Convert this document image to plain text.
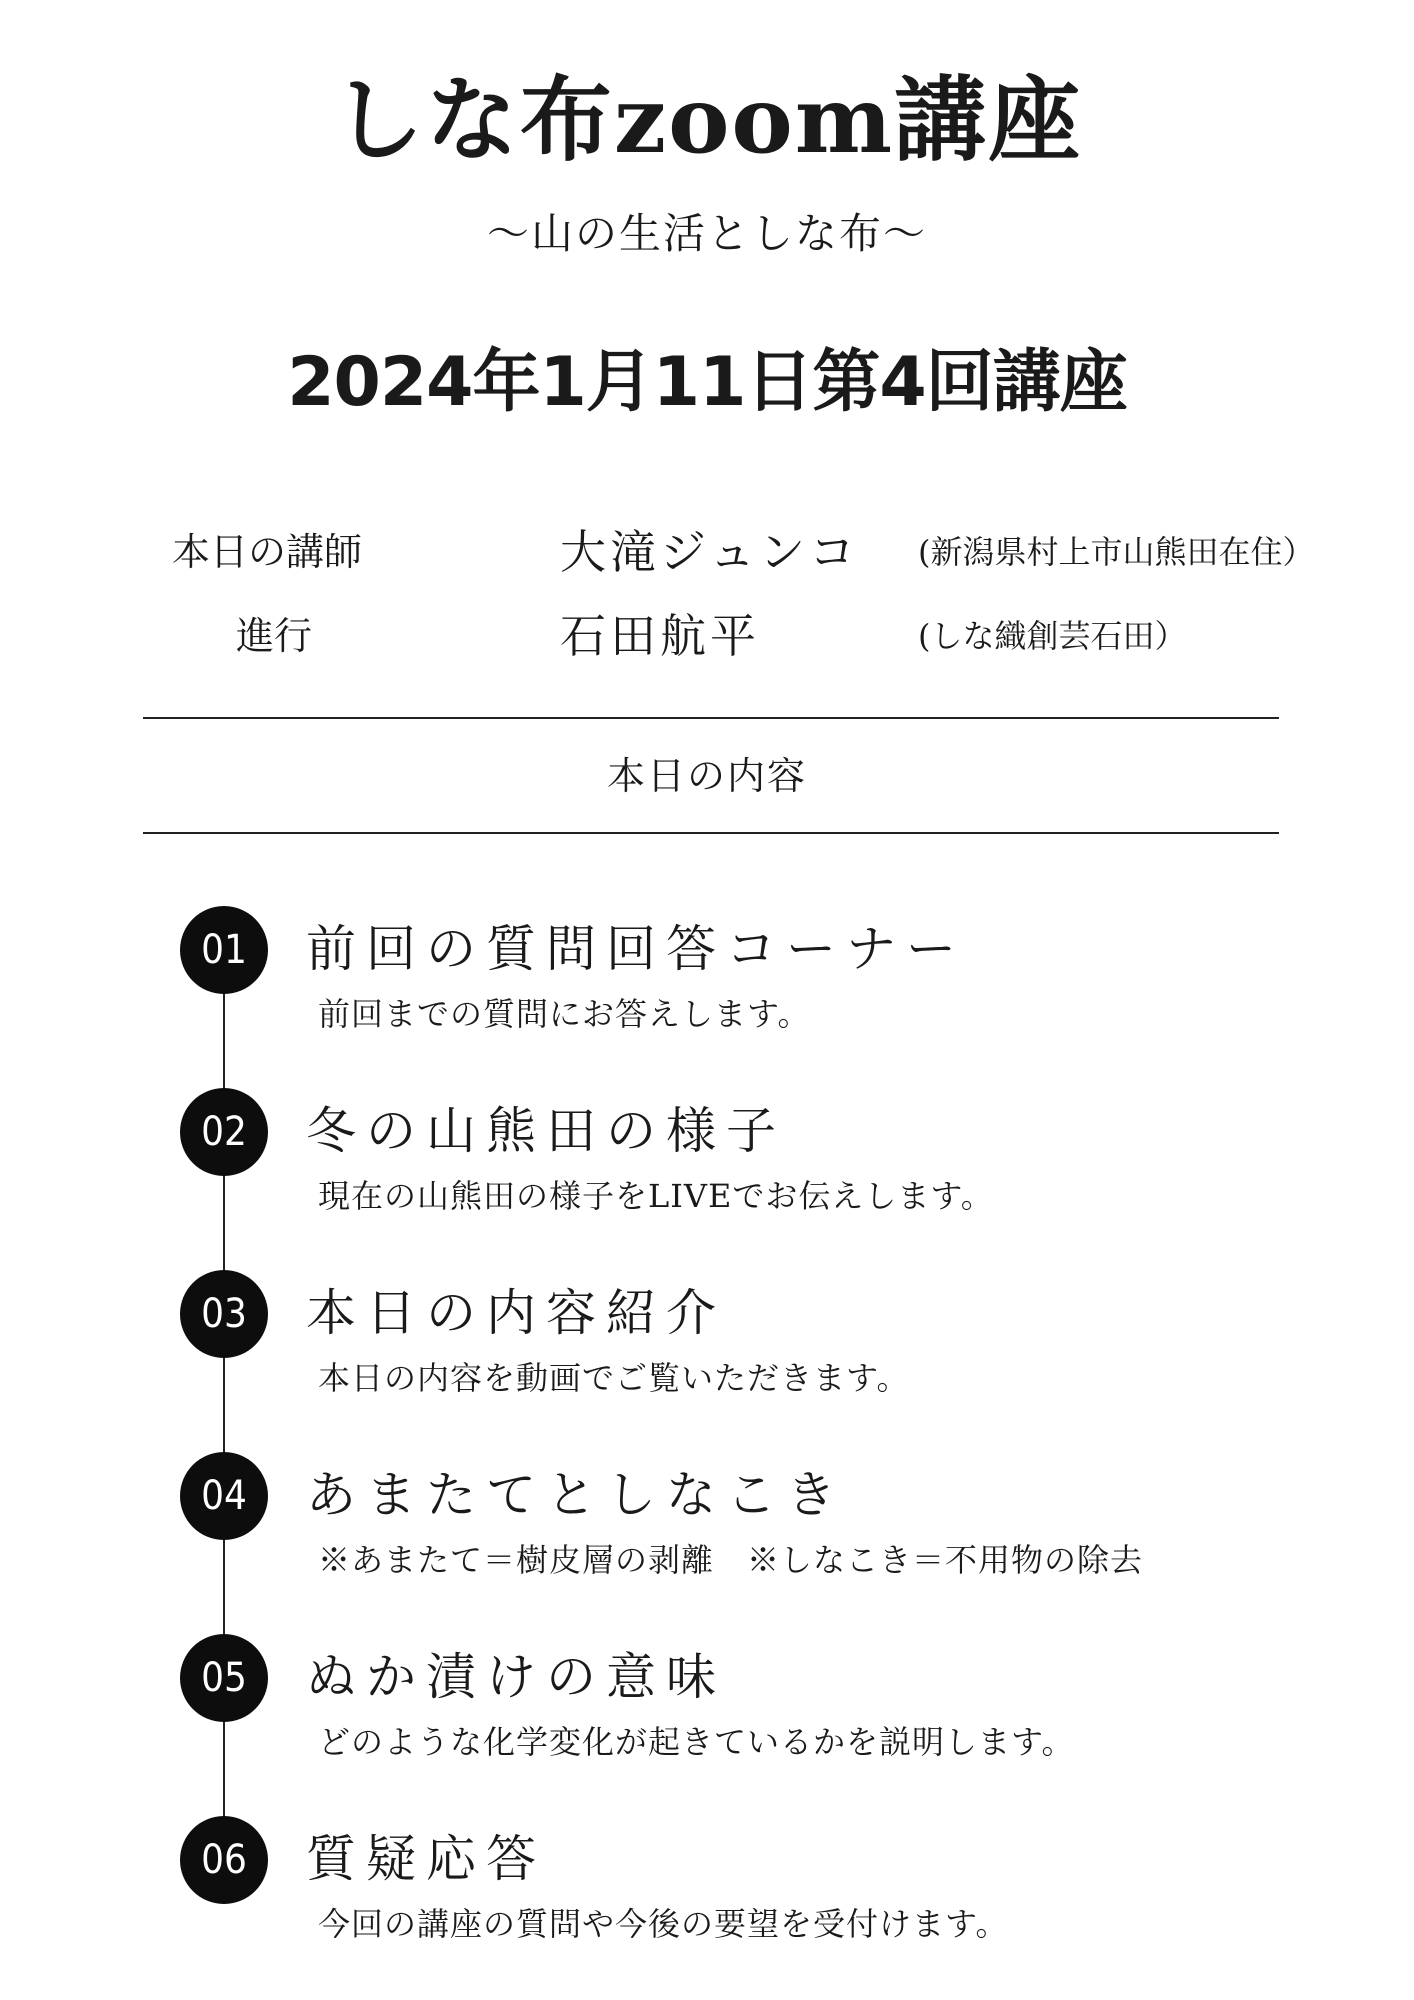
しな布zoom講座
〜山の生活としな布〜
2024年1月11日第4回講座
本日の講師	大滝ジュンコ (新潟県村上市山熊田在住）
進行	石田航平	(しな織創芸石田）
本日の内容
01	前回の質問回答コーナー
前回までの質問にお答えします。
02	冬の山熊田の様子
現在の山熊田の様子をLIVEでお伝えします。
03	本日の内容紹介
本日の内容を動画でご覧いただきます。
04	あまたてとしなこき
※あまたて＝樹皮層の剥離　※しなこき＝不用物の除去
05	ぬか漬けの意味
どのような化学変化が起きているかを説明します。
06	質疑応答
今回の講座の質問や今後の要望を受付けます。
